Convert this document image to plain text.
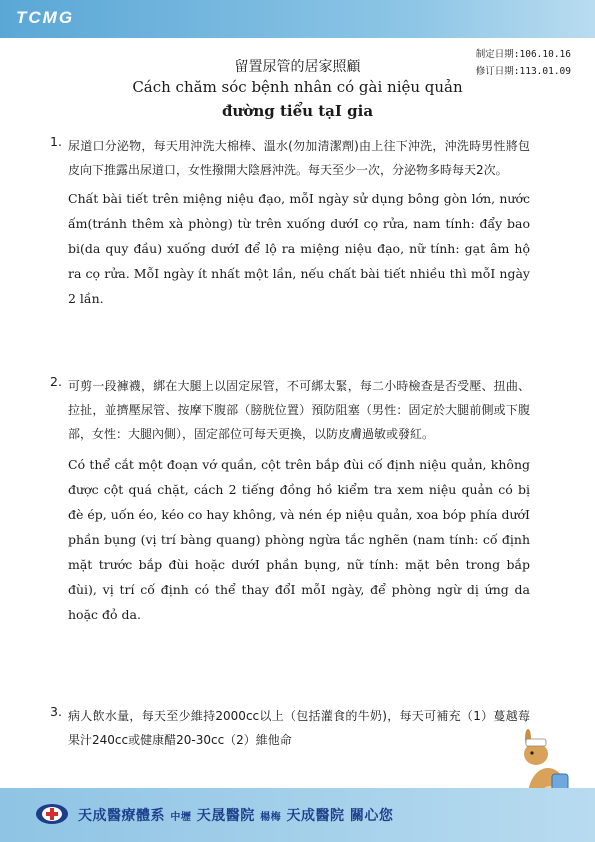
TCMG
制定日期:106.10.16
修订日期:113.01.09
留置尿管的居家照顧
Cách chăm sóc bệnh nhân có gài niệu quản
đường tiểu tạI gia
1. 尿道口分泌物，每天用沖洗大棉棒、溫水(勿加清潔劑)由上往下沖洗，沖洗時男性將包皮向下推露出尿道口，女性撥開大陰唇沖洗。每天至少一次，分泌物多時每天2次。
Chất bài tiết trên miệng niệu đạo, mỗI ngày sử dụng bông gòn lớn, nước ấm(tránh thêm xà phòng) từ trên xuống dướI cọ rửa, nam tính: đẩy bao bi(da quy đầu) xuống dướI để lộ ra miệng niệu đạo, nữ tính: gạt âm hộ ra cọ rửa. MỗI ngày ít nhất một lần, nếu chất bài tiết nhiều thì mỗI ngày 2 lần.
2. 可剪一段褲襪，綁在大腿上以固定尿管，不可綁太緊，每二小時檢查是否受壓、扭曲、拉扯，並擠壓尿管、按摩下腹部（膀胱位置）預防阻塞（男性：固定於大腿前側或下腹部，女性：大腿內側），固定部位可每天更換，以防皮膚過敏或發紅。
Có thể cắt một đoạn vớ quần, cột trên bắp đùi cố định niệu quản, không được cột quá chặt, cách 2 tiếng đồng hồ kiểm tra xem niệu quản có bị đè ép, uốn éo, kéo co hay không, và nén ép niệu quản, xoa bóp phía dướI phần bụng (vị trí bàng quang) phòng ngừa tắc nghẽn (nam tính: cố định mặt trước bắp đùi hoặc dướI phần bụng, nữ tính: mặt bên trong bắp đùi), vị trí cố định có thể thay đổI mỗI ngày, để phòng ngừ dị ứng da hoặc đỏ da.
3. 病人飲水量，每天至少維持2000cc以上（包括灌食的牛奶)，每天可補充（1）蔓越莓果汁240cc或健康醋20-30cc（2）維他命
天成醫療體系 中壢 天晟醫院 楊梅 天成醫院 關心您
